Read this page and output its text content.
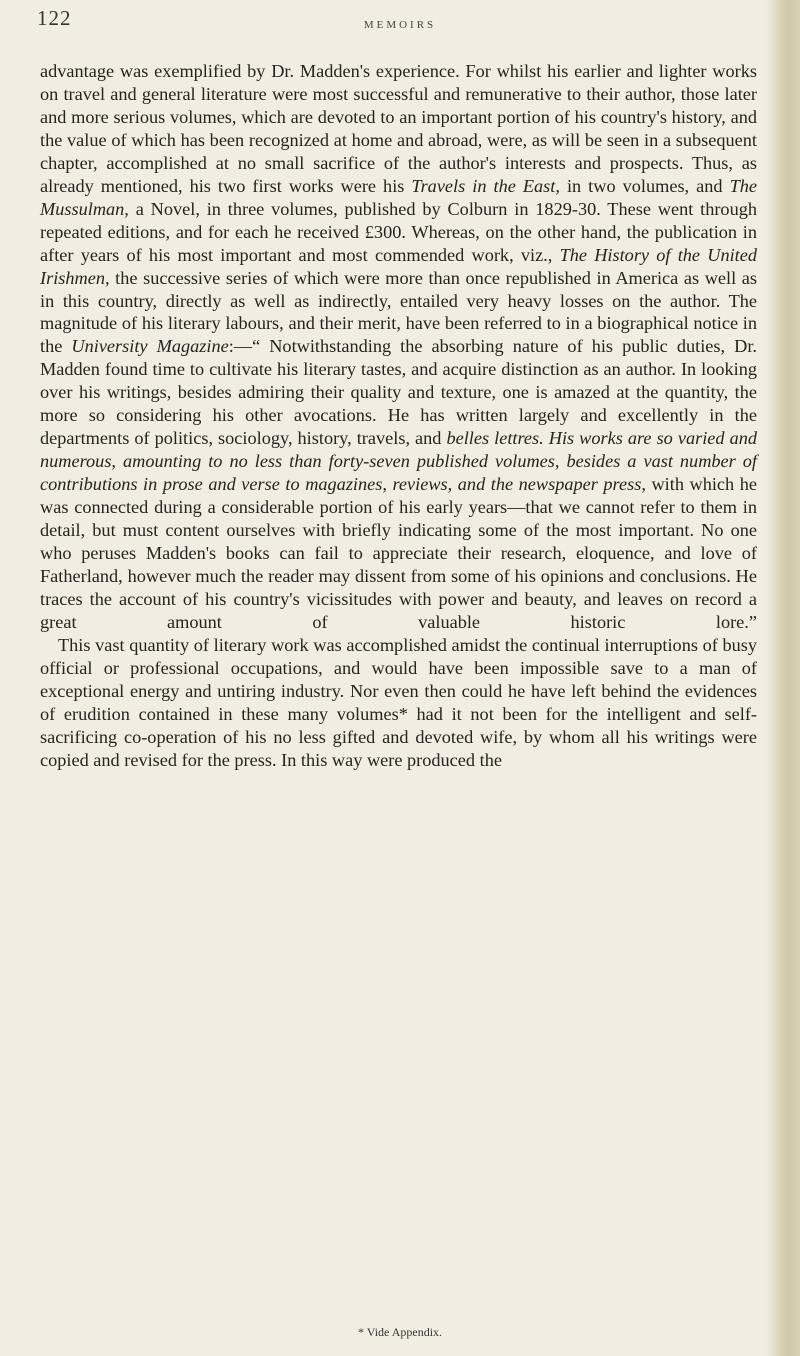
122	MEMOIRS

advantage was exemplified by Dr. Madden's experience. For whilst his earlier and lighter works on travel and general literature were most successful and remunerative to their author, those later and more serious volumes, which are devoted to an important portion of his country's history, and the value of which has been recognized at home and abroad, were, as will be seen in a subsequent chapter, accomplished at no small sacrifice of the author's interests and prospects. Thus, as already mentioned, his two first works were his Travels in the East, in two volumes, and The Mussulman, a Novel, in three volumes, published by Colburn in 1829-30. These went through repeated editions, and for each he received £300. Whereas, on the other hand, the publication in after years of his most important and most commended work, viz., The History of the United Irishmen, the successive series of which were more than once republished in America as well as in this country, directly as well as indirectly, entailed very heavy losses on the author. The magnitude of his literary labours, and their merit, have been referred to in a biographical notice in the University Magazine:—“ Notwithstanding the absorbing nature of his public duties, Dr. Madden found time to cultivate his literary tastes, and acquire distinction as an author. In looking over his writings, besides admiring their quality and texture, one is amazed at the quantity, the more so considering his other avocations. He has written largely and excellently in the departments of politics, sociology, history, travels, and belles lettres. His works are so varied and numerous, amounting to no less than forty-seven published volumes, besides a vast number of contributions in prose and verse to magazines, reviews, and the newspaper press, with which he was connected during a considerable portion of his early years—that we cannot refer to them in detail, but must content ourselves with briefly indicating some of the most important. No one who peruses Madden's books can fail to appreciate their research, eloquence, and love of Fatherland, however much the reader may dissent from some of his opinions and conclusions. He traces the account of his country's vicissitudes with power and beauty, and leaves on record a great amount of valuable historic lore.”

This vast quantity of literary work was accomplished amidst the continual interruptions of busy official or professional occupations, and would have been impossible save to a man of exceptional energy and untiring industry. Nor even then could he have left behind the evidences of erudition contained in these many volumes* had it not been for the intelligent and self-sacrificing co-operation of his no less gifted and devoted wife, by whom all his writings were copied and revised for the press. In this way were produced the

* Vide Appendix.
